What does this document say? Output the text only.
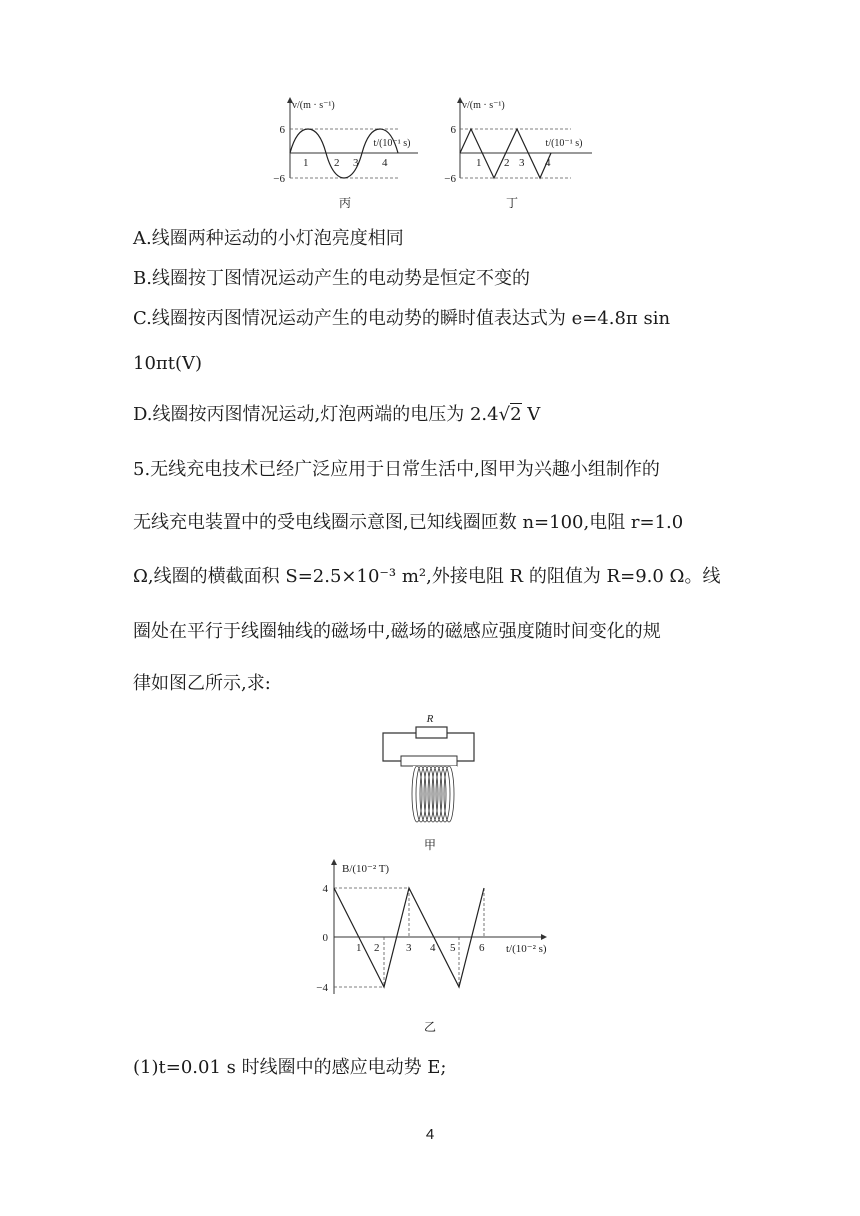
v/(m · s⁻¹)
t/(10⁻¹ s)
6
−6
1 2 3 4
丙
v/(m · s⁻¹)
t/(10⁻¹ s)
6
−6
1 2 3 4
丁
A.线圈两种运动的小灯泡亮度相同
B.线圈按丁图情况运动产生的电动势是恒定不变的
C.线圈按丙图情况运动产生的电动势的瞬时值表达式为 e=4.8π sin
10πt(V)
D.线圈按丙图情况运动,灯泡两端的电压为 2.4√2 V
5.无线充电技术已经广泛应用于日常生活中,图甲为兴趣小组制作的
无线充电装置中的受电线圈示意图,已知线圈匝数 n=100,电阻 r=1.0
Ω,线圈的横截面积 S=2.5×10⁻³ m²,外接电阻 R 的阻值为 R=9.0 Ω。线
圈处在平行于线圈轴线的磁场中,磁场的磁感应强度随时间变化的规
律如图乙所示,求:
R
甲
B/(10⁻² T)
t/(10⁻² s)
4
0
−4
1 2 3 4 5 6
乙
(1)t=0.01 s 时线圈中的感应电动势 E;
4
